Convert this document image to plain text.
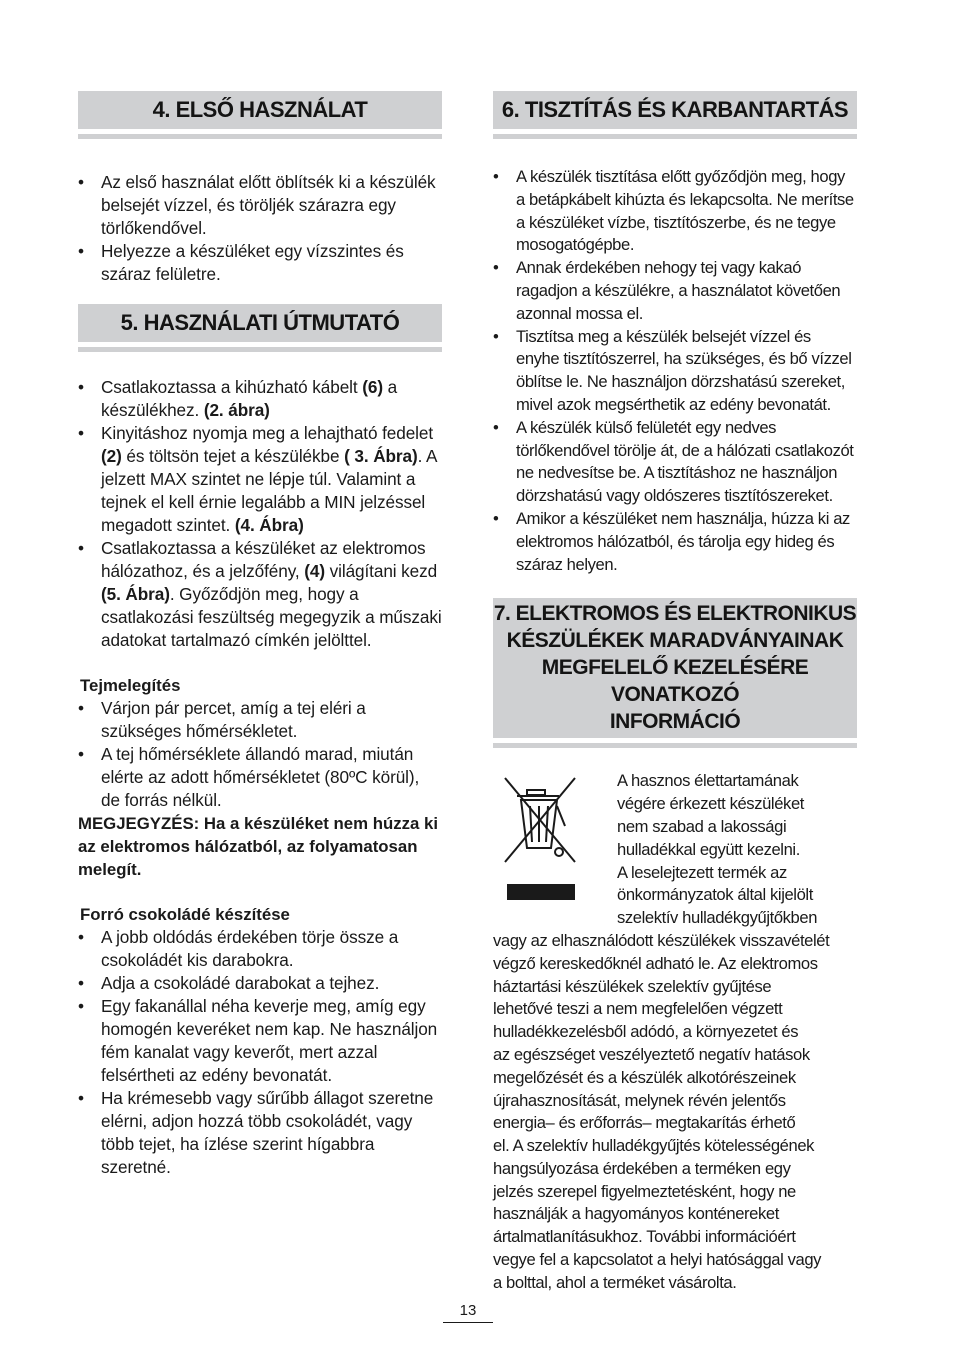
4. ELSŐ HASZNÁLAT
• Az első használat előtt öblítsék ki a készülék belsejét vízzel, és töröljék szárazra egy törlőkendővel.
• Helyezze a készüléket egy vízszintes és száraz felületre.
5. HASZNÁLATI ÚTMUTATÓ
• Csatlakoztassa a kihúzható kábelt (6) a készülékhez. (2. ábra)
• Kinyitáshoz nyomja meg a lehajtható fedelet (2) és töltsön tejet a készülékbe ( 3. Ábra). A jelzett MAX szintet ne lépje túl. Valamint a tejnek el kell érnie legalább a MIN jelzéssel megadott szintet. (4. Ábra)
• Csatlakoztassa a készüléket az elektromos hálózathoz, és a jelzőfény, (4) világítani kezd (5. Ábra). Győződjön meg, hogy a csatlakozási feszültség megegyzik a műszaki adatokat tartalmazó címkén jelölttel.

Tejmelegítés

• Várjon pár percet, amíg a tej eléri a szükséges hőmérsékletet.
• A tej hőmérséklete állandó marad, miután elérte az adott hőmérsékletet (80ºC körül), de forrás nélkül.

MEGJEGYZÉS: Ha a készüléket nem húzza ki az elektromos hálózatból, az folyamatosan melegít.

Forró csokoládé készítése

• A jobb oldódás érdekében törje össze a csokoládét kis darabokra.
• Adja a csokoládé darabokat a tejhez.
• Egy fakanállal néha keverje meg, amíg egy homogén keveréket nem kap. Ne használjon fém kanalat vagy keverőt, mert azzal felsértheti az edény bevonatát.
• Ha krémesebb vagy sűrűbb állagot szeretne elérni, adjon hozzá több csokoládét, vagy több tejet, ha ízlése szerint hígabbra szeretné.
6. TISZTÍTÁS ÉS KARBANTARTÁS
• A készülék tisztítása előtt győződjön meg, hogy a betápkábelt kihúzta és lekapcsolta. Ne merítse a készüléket vízbe, tisztítószerbe, és ne tegye mosogatógépbe.
• Annak érdekében nehogy tej vagy kakaó ragadjon a készülékre, a használatot követően azonnal mossa el.
• Tisztítsa meg a készülék belsejét vízzel és enyhe tisztítószerrel, ha szükséges, és bő vízzel öblítse le. Ne használjon dörzshatású szereket, mivel azok megsérthetik az edény bevonatát.
• A készülék külső felületét egy nedves törlőkendővel törölje át, de a hálózati csatlakozót ne nedvesítse be. A tisztításhoz ne használjon dörzshatású vagy oldószeres tisztítószereket.
• Amikor a készüléket nem használja, húzza ki az elektromos hálózatból, és tárolja egy hideg és száraz helyen.
7. ELEKTROMOS ÉS ELEKTRONIKUS
KÉSZÜLÉKEK MARADVÁNYAINAK
MEGFELELŐ KEZELÉSÉRE VONATKOZÓ
INFORMÁCIÓ
A hasznos élettartamának
végére érkezett készüléket
nem szabad a lakossági
hulladékkal együtt kezelni.
A leselejtezett termék az
önkormányzatok által kijelölt
szelektív hulladékgyűjtőkben
vagy az elhasználódott készülékek visszavételét
végző kereskedőknél adható le. Az elektromos
háztartási készülékek szelektív gyűjtése
lehetővé teszi a nem megfelelően végzett
hulladékkezelésből adódó, a környezetet és
az egészséget veszélyeztető negatív hatások
megelőzését és a készülék alkotórészeinek
újrahasznosítását, melynek révén jelentős
energia– és erőforrás– megtakarítás érhető
el. A szelektív hulladékgyűjtés kötelességének
hangsúlyozása érdekében a terméken egy
jelzés szerepel figyelmeztetésként, hogy ne
használják a hagyományos konténereket
ártalmatlanításukhoz. További információért
vegye fel a kapcsolatot a helyi hatósággal vagy
a bolttal, ahol a terméket vásárolta.
13
